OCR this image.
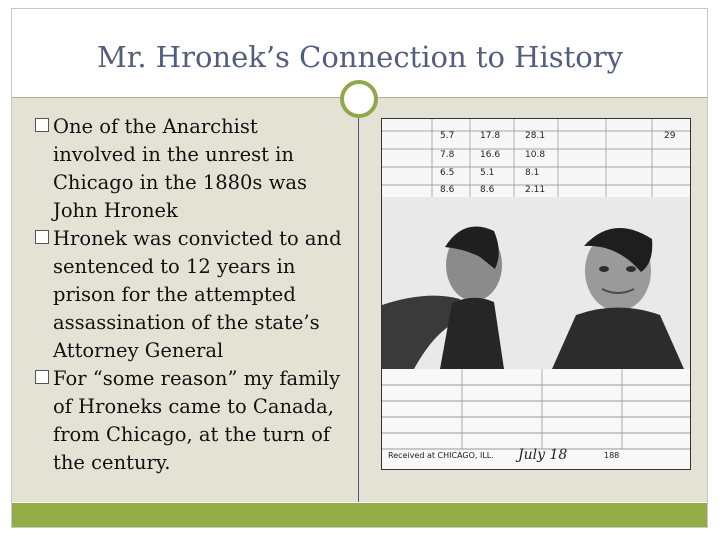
Mr. Hronek’s Connection to History
One of the Anarchist involved in the unrest in Chicago in the 1880s was John Hronek
Hronek was convicted to and sentenced to 12 years in prison for the attempted assassination of the state’s Attorney General
For “some reason” my family of Hroneks came to Canada, from Chicago, at the turn of the century.
5.7	17.8	28.1	29
7.8	16.6	10.8
6.5	5.1	8.1
8.6	8.6	2.11
Received at CHICAGO, ILL. July 18	188
